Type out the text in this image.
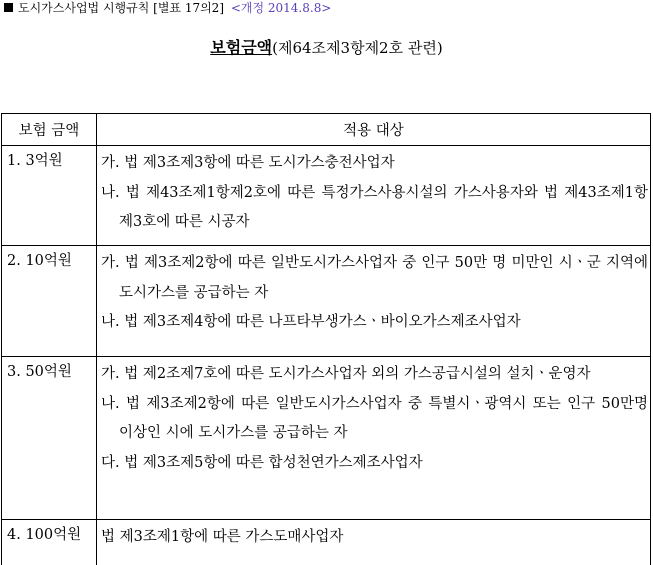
도시가스사업법 시행규칙 [별표 17의2] <개정 2014.8.8>
보험금액(제64조제3항제2호 관련)
보험 금액	적용 대상
1. 3억원	가. 법 제3조제3항에 따른 도시가스충전사업자
나. 법 제43조제1항제2호에 따른 특정가스사용시설의 가스사용자와 법 제43조제1항제3호에 따른 시공자

2. 10억원	가. 법 제3조제2항에 따른 일반도시가스사업자 중 인구 50만 명 미만인 시ㆍ군 지역에 도시가스를 공급하는 자
나. 법 제3조제4항에 따른 나프타부생가스ㆍ바이오가스제조사업자

3. 50억원	가. 법 제2조제7호에 따른 도시가스사업자 외의 가스공급시설의 설치ㆍ운영자
나. 법 제3조제2항에 따른 일반도시가스사업자 중 특별시ㆍ광역시 또는 인구 50만명 이상인 시에 도시가스를 공급하는 자
다. 법 제3조제5항에 따른 합성천연가스제조사업자

4. 100억원	법 제3조제1항에 따른 가스도매사업자
